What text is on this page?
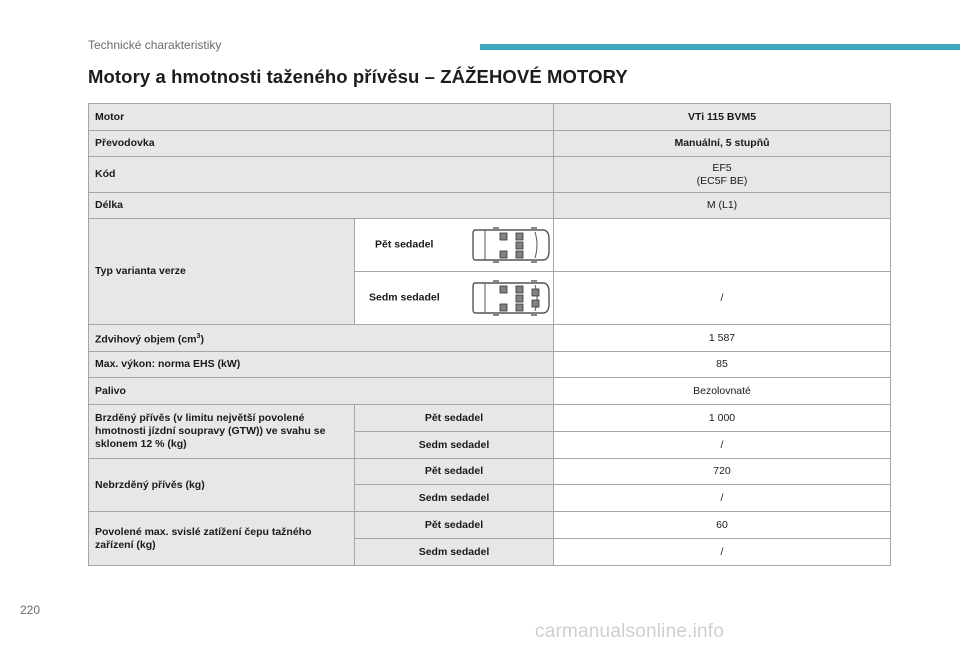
Technické charakteristiky
Motory a hmotnosti taženého přívěsu – ZÁŽEHOVÉ MOTORY
Motor		VTi 115 BVM5
Převodovka		Manuální, 5 stupňů
Kód		EF5
(EC5F BE)

Délka		M (L1)
Typ varianta verze	Pět sedadel	

	Sedm sedadel	/
Zdvihový objem $(cm^3)$		1 587
Max. výkon: norma EHS (kW)		85
Palivo		Bezolovnaté
Brzděný přívěs (v limitu největší povolené hmotnosti jízdní soupravy (GTW)) ve svahu se sklonem 12 % (kg)	Pět sedadel	1 000
	Sedm sedadel	/
Nebrzděný přívěs (kg)	Pět sedadel	720
	Sedm sedadel	/
Povolené max. svislé zatížení čepu tažného zařízení (kg)	Pět sedadel	60
	Sedm sedadel	/
220
carmanualsonline.info
